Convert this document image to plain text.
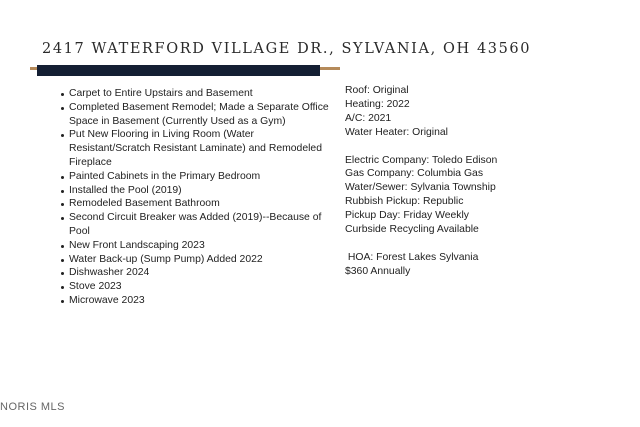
2417 WATERFORD VILLAGE DR., SYLVANIA, OH 43560
Carpet to Entire Upstairs and Basement
Completed Basement Remodel; Made a Separate Office Space in Basement (Currently Used as a Gym)
Put New Flooring in Living Room (Water Resistant/Scratch Resistant Laminate) and Remodeled Fireplace
Painted Cabinets in the Primary Bedroom
Installed the Pool (2019)
Remodeled Basement Bathroom
Second Circuit Breaker was Added (2019)--Because of Pool
New Front Landscaping 2023
Water Back-up (Sump Pump) Added 2022
Dishwasher 2024
Stove 2023
Microwave 2023
Roof: Original
Heating: 2022
A/C: 2021
Water Heater: Original
Electric Company: Toledo Edison
Gas Company: Columbia Gas
Water/Sewer: Sylvania Township
Rubbish Pickup: Republic
Pickup Day: Friday Weekly
Curbside Recycling Available
HOA: Forest Lakes Sylvania
$360 Annually
NORIS MLS
